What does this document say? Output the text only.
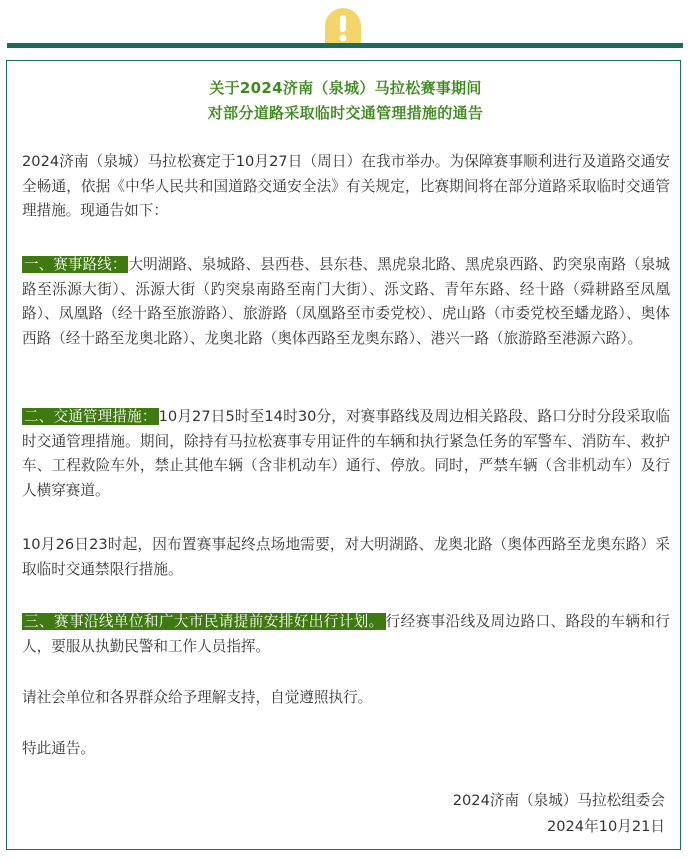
关于2024济南（泉城）马拉松赛事期间
对部分道路采取临时交通管理措施的通告

2024济南（泉城）马拉松赛定于10月27日（周日）在我市举办。为保障赛事顺利进行及道路交通安全畅通，依据《中华人民共和国道路交通安全法》有关规定，比赛期间将在部分道路采取临时交通管理措施。现通告如下：

一、赛事路线： 大明湖路、泉城路、县西巷、县东巷、黑虎泉北路、黑虎泉西路、趵突泉南路（泉城路至泺源大街）、泺源大街（趵突泉南路至南门大街）、泺文路、青年东路、经十路（舜耕路至凤凰路）、凤凰路（经十路至旅游路）、旅游路（凤凰路至市委党校）、虎山路（市委党校至蟠龙路）、奥体西路（经十路至龙奥北路）、龙奥北路（奥体西路至龙奥东路）、港兴一路（旅游路至港源六路）。

二、交通管理措施： 10月27日5时至14时30分，对赛事路线及周边相关路段、路口分时分段采取临时交通管理措施。期间，除持有马拉松赛事专用证件的车辆和执行紧急任务的军警车、消防车、救护车、工程救险车外，禁止其他车辆（含非机动车）通行、停放。同时，严禁车辆（含非机动车）及行人横穿赛道。

10月26日23时起，因布置赛事起终点场地需要，对大明湖路、龙奥北路（奥体西路至龙奥东路）采取临时交通禁限行措施。

三、赛事沿线单位和广大市民请提前安排好出行计划。 行经赛事沿线及周边路口、路段的车辆和行人，要服从执勤民警和工作人员指挥。

请社会单位和各界群众给予理解支持，自觉遵照执行。

特此通告。

2024济南（泉城）马拉松组委会
2024年10月21日
